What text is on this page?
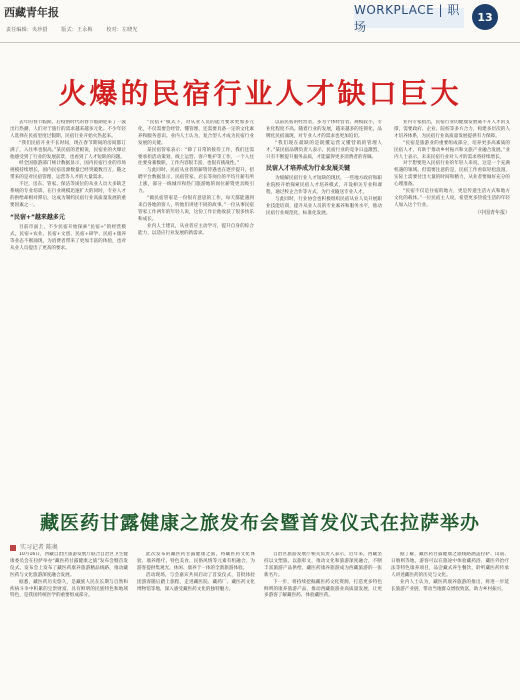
西藏青年报
责任编辑：央珍措	版式：王永梅	校对：左晓光
WORKPLACE | 职场
13
火爆的民宿行业人才缺口巨大

去年的春节假期，后疫情时代的春节假期迎来了一波出行热潮，人们对于旅行的需求越来越多元化。不少年轻人选择在民宿里度过假期，民宿行业开始火热起来。

“我们民宿开业不长时间，现在春节期间的房间都订满了，入住率也很高。”某民宿的老板说，民宿业的火爆让他感受到了行业的发展前景，也看到了人才短缺的问题。

经全国旅游部门统计数据显示，国内民宿行业的市场规模持续增长，国内民宿房源数量已经突破数百万，随之带来的是对民宿管理、运营等人才的大量需求。

不过，房东、管家、保洁等岗位的从业人员大多缺乏系统的专业培训。在行业规模迅速扩大的同时，专业人才的供给却相对滞后，这成为制约民宿行业高质量发展的重要因素之一。

“民宿+”越来越多元

目前市面上，不少民宿开始探索“民宿+”的经营模式，民宿+农业、民宿+文创、民宿+研学、民宿+康养等业态不断涌现，为消费者带来了更加丰富的体验，也对从业人员提出了更高的要求。

“民宿+”模式下，对从业人员的能力要求更加多元化，不仅需要会经营、懂管理，还需要具备一定的文化素养和服务意识。业内人士认为，复合型人才成为民宿行业发展的关键。

某民宿管家表示：“除了日常的接待工作，我们还需要承担活动策划、线上运营、客户维护等工作，一个人往往要身兼数职，工作内容很丰富，也很有挑战性。”

与此同时，民宿从业者的薪资待遇也在逐步提升。招聘平台数据显示，民宿管家、店长等岗位的平均月薪有所上涨，部分一线城市和热门旅游地的岗位薪资更具吸引力。

“做民宿管家是一份很有意思的工作，每天都能遇到来自各地的客人，听他们讲述不同的故事。”一位从事民宿管家工作两年的年轻人说，这份工作让他收获了很多快乐和成长。

业内人士建议，从业者应主动学习，提升自身的综合能力，以适应行业发展的新需求。

以前民宿的经营者，多为个体经营者，规模较小，专业化程度不高。随着行业的发展，越来越多的连锁化、品牌化民宿涌现，对专业人才的需求也更加迫切。

“我们现在最缺的是既懂运营又懂营销的管理人才。”某民宿品牌负责人表示，民宿行业的竞争日益激烈，只有不断提升服务品质，才能赢得更多消费者的青睐。

民宿人才培养成为行业发展关键

为缓解民宿行业人才短缺的现状，一些地方政府和职业院校开始探索民宿人才培养模式，开设相关专业和课程，通过校企合作等方式，为行业输送专业人才。

与此同时，行业协会也积极组织民宿从业人员开展职业技能培训，提升从业人员的专业素养和服务水平，推动民宿行业规范化、标准化发展。

业内专家指出，民宿行业的健康发展离不开人才的支撑，需要政府、企业、院校等多方合力，构建多层次的人才培养体系，为民宿行业高质量发展提供有力保障。

“民宿是旅游业的重要组成部分，培养更多高素质的民宿人才，有助于推动乡村振兴和文旅产业融合发展。”业内人士表示，未来民宿行业对人才的需求将持续增长。

对于想要进入民宿行业的年轻人来说，这是一个充满机遇的领域。但需要注意的是，民宿工作看似轻松浪漫，实际上需要付出大量的时间和精力，从业者要做好充分的心理准备。

“民宿不仅是住宿的地方，更是传递生活方式和地方文化的载体。”一位民宿主人说，希望更多热爱生活的年轻人加入这个行业。

（中国青年报）

藏医药甘露健康之旅发布会暨首发仪式在拉萨举办
实习记者 陈奥

10月16日，西藏自治区旅游发展厅联合自治区卫生健康委员会在拉萨举办“藏医药甘露健康之旅”发布会暨首发仪式。发布会上发布了藏医药康养旅游精品线路，推动藏医药与文化旅游深度融合发展。

据悉，藏医药历史悠久，是藏族人民在长期与自然和疾病斗争中积累的宝贵财富，具有鲜明的民族特色和地域特色，是我国传统医学的重要组成部分。

此次发布的藏医药甘露健康之旅，将藏医药文化体验、康养理疗、特色美食、民俗风情等元素有机融合，为游客提供集观光、休闲、康养于一体的全新旅游体验。

活动现场，与会嘉宾共同启动了首发仪式，首批体验团游客随后踏上旅程，走进藏医院、藏药厂、藏医药文化博物馆等地，深入感受藏医药文化的独特魅力。

自治区旅游发展厅相关负责人表示，近年来，西藏坚持以文塑旅、以旅彰文，推动文化和旅游深度融合，不断丰富旅游产品供给，藏医药康养旅游成为西藏旅游的一张新名片。

下一步，将持续挖掘藏医药文化资源，打造更多特色鲜明的康养旅游产品，推动西藏旅游业高质量发展，让更多游客了解藏医药、体验藏医药。

据了解，藏医药甘露健康之旅线路涵盖拉萨、山南、日喀则等地，游客可以在旅途中体验藏药浴、藏医外治疗法等特色康养项目，品尝藏式养生餐饮，聆听藏医药传承人讲述藏医药的历史与文化。

业内人士认为，藏医药康养旅游的推出，将进一步延长旅游产业链，带动当地群众增收致富，助力乡村振兴。
